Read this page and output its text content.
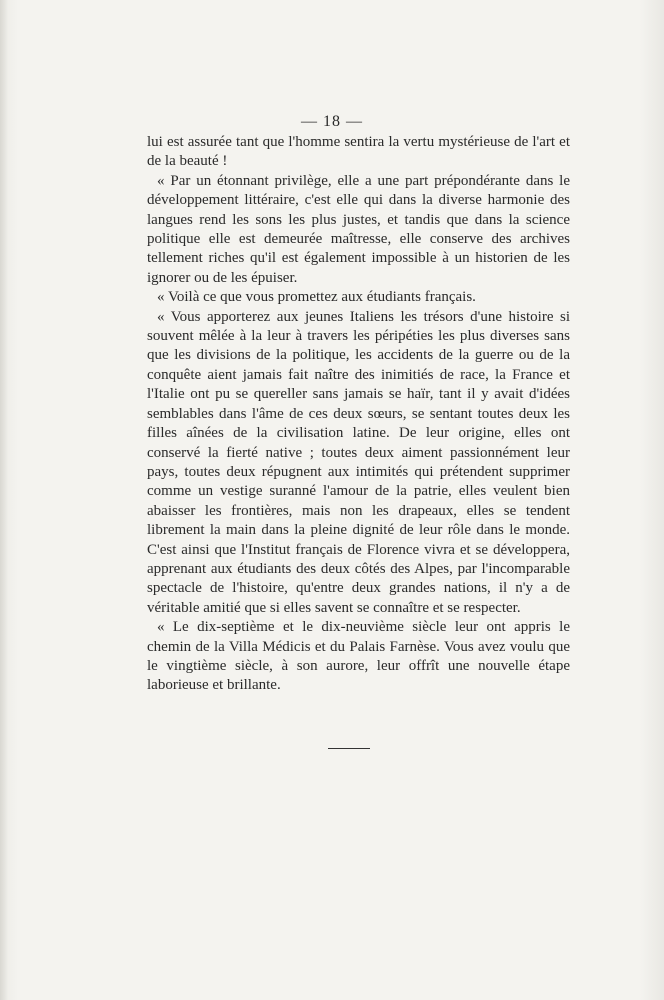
— 18 —

lui est assurée tant que l'homme sentira la vertu mystérieuse de l'art et de la beauté !

« Par un étonnant privilège, elle a une part prépondérante dans le développement littéraire, c'est elle qui dans la diverse harmonie des langues rend les sons les plus justes, et tandis que dans la science politique elle est demeurée maîtresse, elle conserve des archives tellement riches qu'il est également impossible à un historien de les ignorer ou de les épuiser.

« Voilà ce que vous promettez aux étudiants français.

« Vous apporterez aux jeunes Italiens les trésors d'une histoire si souvent mêlée à la leur à travers les péripéties les plus diverses sans que les divisions de la politique, les accidents de la guerre ou de la conquête aient jamais fait naître des inimitiés de race, la France et l'Italie ont pu se quereller sans jamais se haïr, tant il y avait d'idées semblables dans l'âme de ces deux sœurs, se sentant toutes deux les filles aînées de la civilisation latine. De leur origine, elles ont conservé la fierté native ; toutes deux aiment passionnément leur pays, toutes deux répugnent aux intimités qui prétendent supprimer comme un vestige suranné l'amour de la patrie, elles veulent bien abaisser les frontières, mais non les drapeaux, elles se tendent librement la main dans la pleine dignité de leur rôle dans le monde. C'est ainsi que l'Institut français de Florence vivra et se développera, apprenant aux étudiants des deux côtés des Alpes, par l'incomparable spectacle de l'histoire, qu'entre deux grandes nations, il n'y a de véritable amitié que si elles savent se connaître et se respecter.

« Le dix-septième et le dix-neuvième siècle leur ont appris le chemin de la Villa Médicis et du Palais Farnèse. Vous avez voulu que le vingtième siècle, à son aurore, leur offrît une nouvelle étape laborieuse et brillante.
